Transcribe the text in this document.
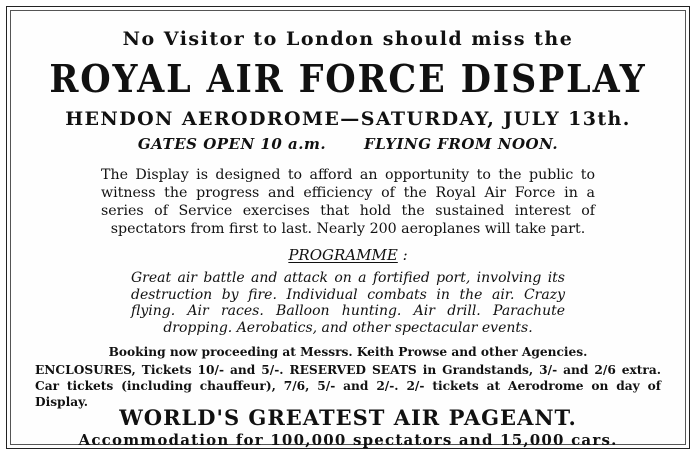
No Visitor to London should miss the
ROYAL AIR FORCE DISPLAY
HENDON AERODROME—SATURDAY, JULY 13th.
GATES OPEN 10 a.m.	FLYING FROM NOON.
The Display is designed to afford an opportunity to the public to witness the progress and efficiency of the Royal Air Force in a series of Service exercises that hold the sustained interest of spectators from first to last. Nearly 200 aeroplanes will take part.
PROGRAMME :
Great air battle and attack on a fortified port, involving its destruction by fire. Individual combats in the air. Crazy flying. Air races. Balloon hunting. Air drill. Parachute dropping. Aerobatics, and other spectacular events.
Booking now proceeding at Messrs. Keith Prowse and other Agencies.
ENCLOSURES, Tickets 10/- and 5/-. RESERVED SEATS in Grandstands, 3/- and 2/6 extra.
Car tickets (including chauffeur), 7/6, 5/- and 2/-. 2/- tickets at Aerodrome on day of Display.
WORLD'S GREATEST AIR PAGEANT.
Accommodation for 100,000 spectators and 15,000 cars.
